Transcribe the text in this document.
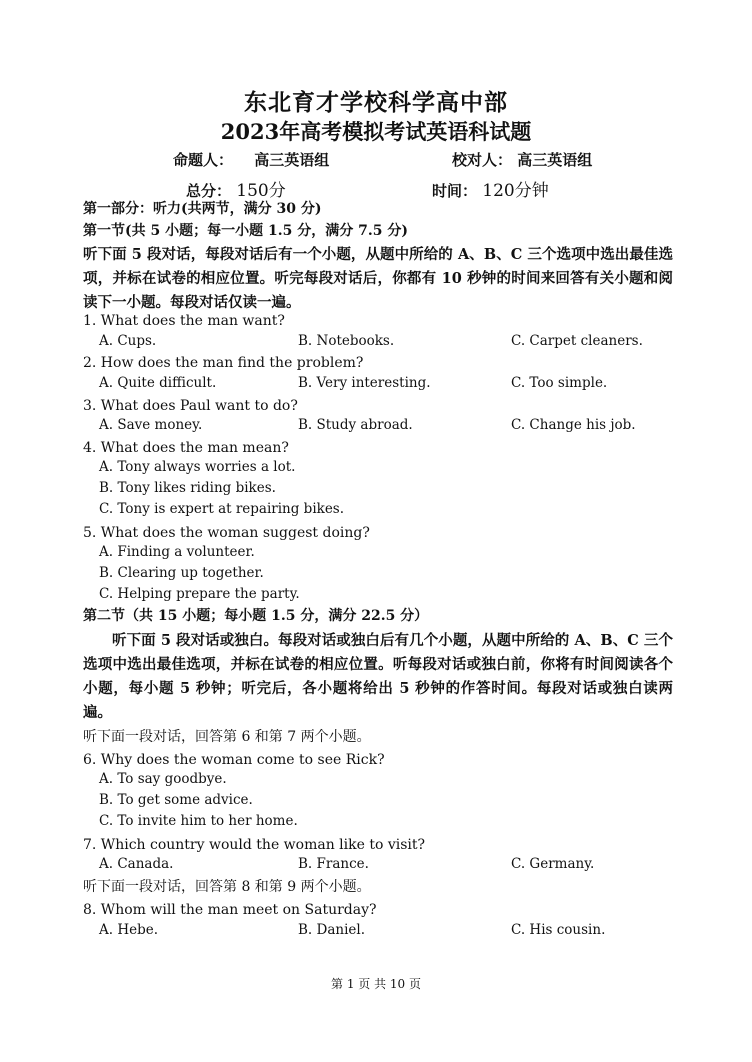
东北育才学校科学高中部
2023年高考模拟考试英语科试题
命题人： 高三英语组	校对人： 高三英语组
总分： 150分	时间： 120分钟
第一部分：听力(共两节，满分 30 分)
第一节(共 5 小题；每一小题 1.5 分，满分 7.5 分)
听下面 5 段对话，每段对话后有一个小题，从题中所给的 A、B、C 三个选项中选出最佳选项，并标在试卷的相应位置。听完每段对话后，你都有 10 秒钟的时间来回答有关小题和阅读下一小题。每段对话仅读一遍。
1. What does the man want?
A. Cups.	B. Notebooks.	C. Carpet cleaners.
2. How does the man find the problem?
A. Quite difficult.	B. Very interesting.	C. Too simple.
3. What does Paul want to do?
A. Save money.	B. Study abroad.	C. Change his job.
4. What does the man mean?
A. Tony always worries a lot.
B. Tony likes riding bikes.
C. Tony is expert at repairing bikes.
5. What does the woman suggest doing?
A. Finding a volunteer.
B. Clearing up together.
C. Helping prepare the party.
第二节（共 15 小题；每小题 1.5 分，满分 22.5 分）
听下面 5 段对话或独白。每段对话或独白后有几个小题，从题中所给的 A、B、C 三个选项中选出最佳选项，并标在试卷的相应位置。听每段对话或独白前，你将有时间阅读各个小题，每小题 5 秒钟；听完后，各小题将给出 5 秒钟的作答时间。每段对话或独白读两遍。
听下面一段对话，回答第 6 和第 7 两个小题。
6. Why does the woman come to see Rick?
A. To say goodbye.
B. To get some advice.
C. To invite him to her home.
7. Which country would the woman like to visit?
A. Canada.	B. France.	C. Germany.
听下面一段对话，回答第 8 和第 9 两个小题。
8. Whom will the man meet on Saturday?
A. Hebe.	B. Daniel.	C. His cousin.
第 1 页 共 10 页
